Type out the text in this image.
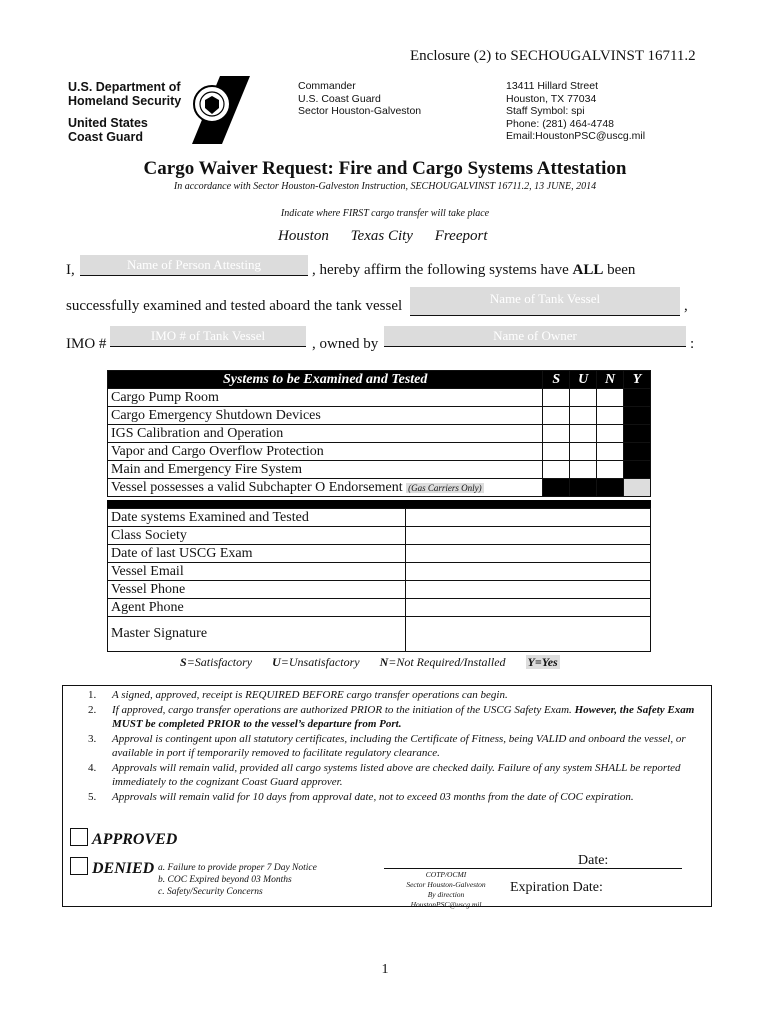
Enclosure (2) to SECHOUGALVINST 16711.2
U.S. Department of
Homeland Security
United States
Coast Guard
Commander
U.S. Coast Guard
Sector Houston-Galveston
13411 Hillard Street
Houston, TX 77034
Staff Symbol: spi
Phone: (281) 464-4748
Email:HoustonPSC@uscg.mil
Cargo Waiver Request: Fire and Cargo Systems Attestation
In accordance with Sector Houston-Galveston Instruction, SECHOUGALVINST 16711.2, 13 JUNE, 2014
Indicate where FIRST cargo transfer will take place
Houston Texas City Freeport
I,	Name of Person Attesting	, hereby affirm the following systems have ALL been
successfully examined and tested aboard the tank vessel	Name of Tank Vessel	,
IMO #
IMO # of Tank Vessel
, owned by
Name of Owner
:
Systems to be Examined and Tested	S	U	N	Y
Cargo Pump Room				
Cargo Emergency Shutdown Devices				
IGS Calibration and Operation				
Vapor and Cargo Overflow Protection				
Main and Emergency Fire System				
Vessel possesses a valid Subchapter O Endorsement (Gas Carriers Only)				
Date systems Examined and Tested	
Class Society	
Date of last USCG Exam	
Vessel Email	
Vessel Phone	
Agent Phone	
Master Signature	
S=Satisfactory U=Unsatisfactory N=Not Required/Installed Y=Yes
1.	A signed, approved, receipt is REQUIRED BEFORE cargo transfer operations can begin.
2.	If approved, cargo transfer operations are authorized PRIOR to the initiation of the USCG Safety Exam. However, the Safety Exam MUST be completed PRIOR to the vessel’s departure from Port.
3.	Approval is contingent upon all statutory certificates, including the Certificate of Fitness, being VALID and onboard the vessel, or available in port if temporarily removed to facilitate regulatory clearance.
4.	Approvals will remain valid, provided all cargo systems listed above are checked daily. Failure of any system SHALL be reported immediately to the cognizant Coast Guard approver.
5.	Approvals will remain valid for 10 days from approval date, not to exceed 03 months from the date of COC expiration.
APPROVED
DENIED a. Failure to provide proper 7 Day Notice
b. COC Expired beyond 03 Months
c. Safety/Security Concerns
COTP/OCMI
Sector Houston-Galveston
By direction
HoustonPSC@uscg.mil
Date:
Expiration Date:
1
